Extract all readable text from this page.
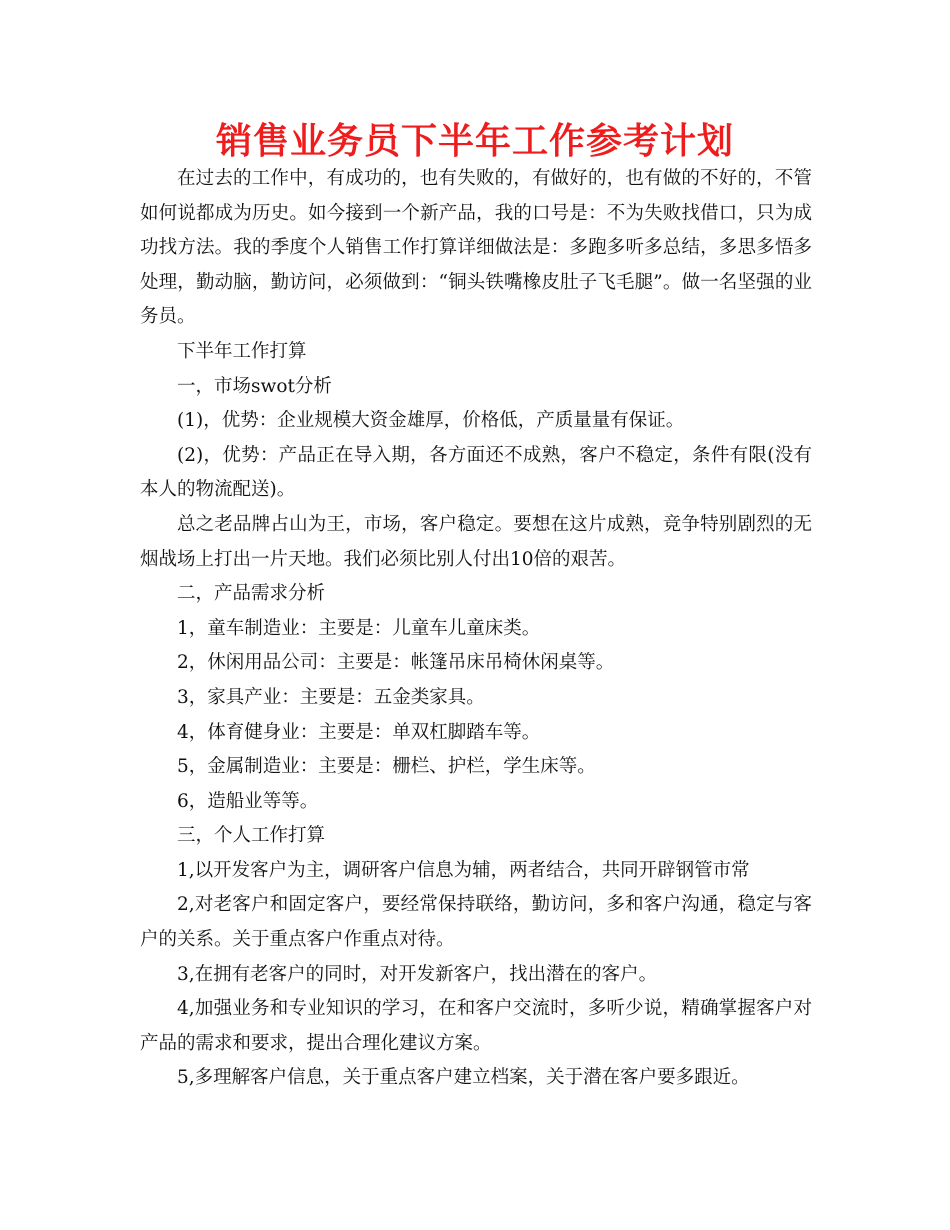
销售业务员下半年工作参考计划

在过去的工作中，有成功的，也有失败的，有做好的，也有做的不好的，不管如何说都成为历史。如今接到一个新产品，我的口号是：不为失败找借口，只为成功找方法。我的季度个人销售工作打算详细做法是：多跑多听多总结，多思多悟多处理，勤动脑，勤访问，必须做到：“铜头铁嘴橡皮肚子飞毛腿”。做一名坚强的业务员。

下半年工作打算

一，市场swot分析

(1)，优势：企业规模大资金雄厚，价格低，产质量量有保证。

(2)，优势：产品正在导入期，各方面还不成熟，客户不稳定，条件有限(没有本人的物流配送)。

总之老品牌占山为王，市场，客户稳定。要想在这片成熟，竞争特别剧烈的无烟战场上打出一片天地。我们必须比别人付出10倍的艰苦。

二，产品需求分析

1，童车制造业：主要是：儿童车儿童床类。

2，休闲用品公司：主要是：帐篷吊床吊椅休闲桌等。

3，家具产业：主要是：五金类家具。

4，体育健身业：主要是：单双杠脚踏车等。

5，金属制造业：主要是：栅栏、护栏，学生床等。

6，造船业等等。

三，个人工作打算

1,以开发客户为主，调研客户信息为辅，两者结合，共同开辟钢管市常

2,对老客户和固定客户，要经常保持联络，勤访问，多和客户沟通，稳定与客户的关系。关于重点客户作重点对待。

3,在拥有老客户的同时，对开发新客户，找出潜在的客户。

4,加强业务和专业知识的学习，在和客户交流时，多听少说，精确掌握客户对产品的需求和要求，提出合理化建议方案。

5,多理解客户信息，关于重点客户建立档案，关于潜在客户要多跟近。
